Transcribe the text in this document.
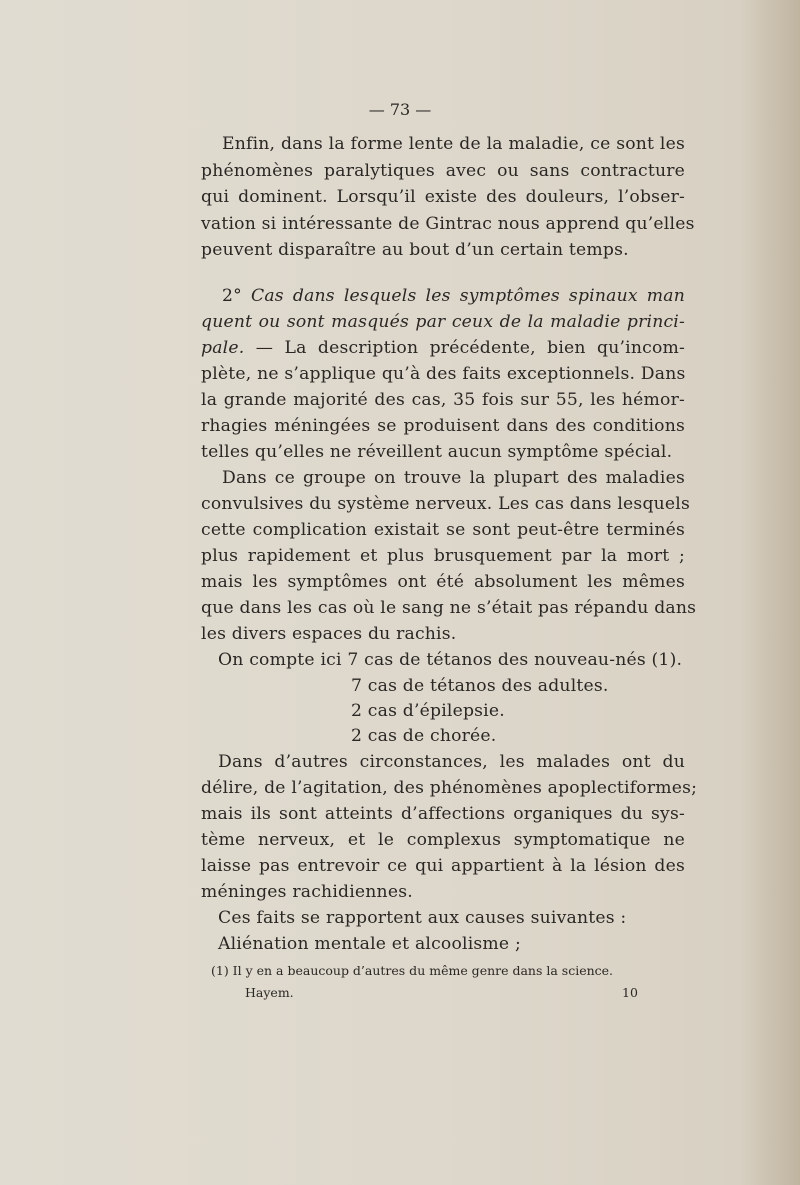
— 73 —
Enfin, dans la forme lente de la maladie, ce sont les
phénomènes paralytiques avec ou sans contracture
qui dominent. Lorsqu’il existe des douleurs, l’obser-
vation si intéressante de Gintrac nous apprend qu’elles
peuvent disparaître au bout d’un certain temps.
2° Cas dans lesquels les symptômes spinaux man
quent ou sont masqués par ceux de la maladie princi-
pale. — La description précédente, bien qu’incom-
plète, ne s’applique qu’à des faits exceptionnels. Dans
la grande majorité des cas, 35 fois sur 55, les hémor-
rhagies méningées se produisent dans des conditions
telles qu’elles ne réveillent aucun symptôme spécial.
Dans ce groupe on trouve la plupart des maladies
convulsives du système nerveux. Les cas dans lesquels
cette complication existait se sont peut-être terminés
plus rapidement et plus brusquement par la mort ;
mais les symptômes ont été absolument les mêmes
que dans les cas où le sang ne s’était pas répandu dans
les divers espaces du rachis.
On compte ici 7 cas de tétanos des nouveau-nés (1).
7 cas de tétanos des adultes.
2 cas d’épilepsie.
2 cas de chorée.
Dans d’autres circonstances, les malades ont du
délire, de l’agitation, des phénomènes apoplectiformes;
mais ils sont atteints d’affections organiques du sys-
tème nerveux, et le complexus symptomatique ne
laisse pas entrevoir ce qui appartient à la lésion des
méninges rachidiennes.
Ces faits se rapportent aux causes suivantes :
Aliénation mentale et alcoolisme ;
(1) Il y en a beaucoup d’autres du même genre dans la science.
Hayem.	10
